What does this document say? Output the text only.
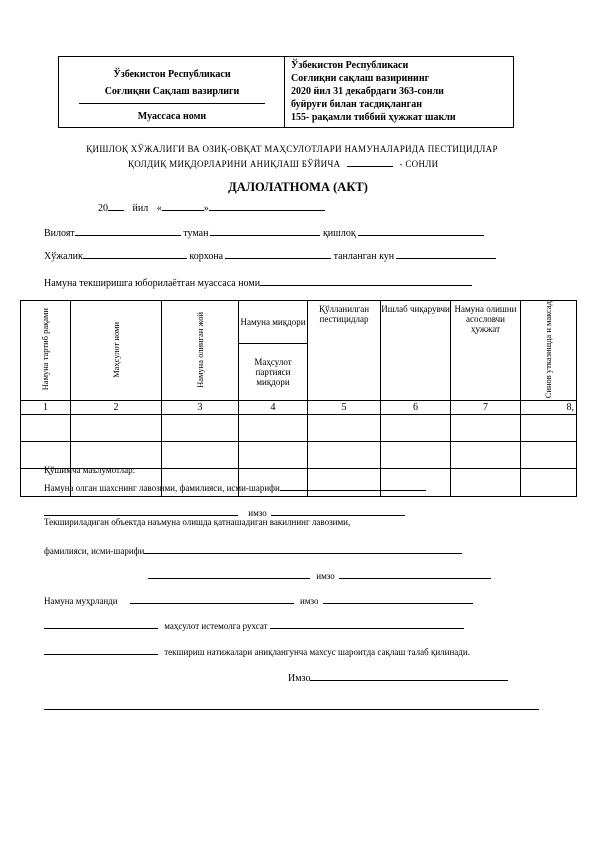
Ўзбекистон Республикаси
Соғлиқни Сақлаш вазирлиги
Муассаса номи
Ўзбекистон Республикаси
Соғлиқни сақлаш вазирининг
2020 йил 31 декабрдаги 363-сонли
буйруғи билан тасдиқланган
155- рақамли тиббий ҳужжат шакли
ҚИШЛОҚ ХЎЖАЛИГИ ВА ОЗИҚ-ОВҚАТ МАҲСУЛОТЛАРИ НАМУНАЛАРИДА ПЕСТИЦИДЛАР
ҚОЛДИҚ МИҚДОРЛАРИНИ АНИҚЛАШ БЎЙИЧА	- СОНЛИ
ДАЛОЛАТНОМА (АКТ)
20 йил «	»
Вилоят	туман	қишлоқ
Хўжалик	корхона	танланган кун
Намуна текширишга юборилаётган муассаса номи
Намуна тартиб рақами	Маҳсулот номи	Намуна олинган жой	Намуна миқдори	Қўлланилган пестицидлар	Ишлаб чиқарувчи	Намуна олишни асословчи ҳужжат	Синов утказишда н максад
			Маҳсулот партияси миқдори				
1	2	3	4	5	6	7	8,

Қўшимча маълумотлар:
Намуна олган шахснинг лавозими, фамилияси, исми-шарифи
имзо
Текшириладиган объектда наъмуна олишда қатнашадиган вакилнинг лавозими,
фамилияси, исми-шарифи
имзо
Намуна муҳрланди	имзо
маҳсулот истемолга рухсат
текшириш натижалари аниқлангунча махсус шароитда сақлаш талаб қилинади.
Имзо
